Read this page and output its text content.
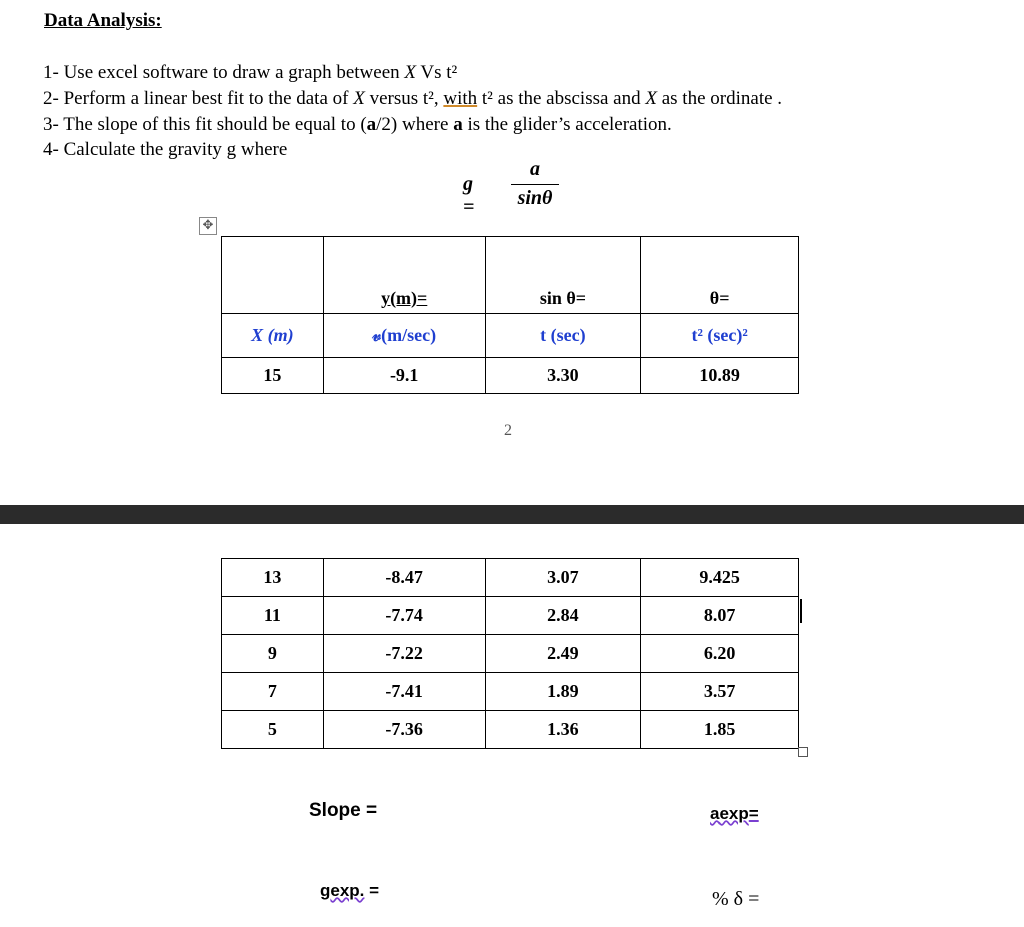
Data Analysis:
1- Use excel software to draw a graph between X Vs t²
2- Perform a linear best fit to the data of X versus t², with t² as the abscissa and X as the ordinate .
3- The slope of this fit should be equal to (a/2) where a is the glider’s acceleration.
4- Calculate the gravity g where
g =
a
sinθ
✥
	y(m)=	sin θ=	θ=
X (m)	𝓋(m/sec)	t (sec)	t² (sec)²
15	-9.1	3.30	10.89
2
13	-8.47	3.07	9.425
11	-7.74	2.84	8.07
9	-7.22	2.49	6.20
7	-7.41	1.89	3.57
5	-7.36	1.36	1.85
Slope =	aexp=
gexp. =	% δ =
